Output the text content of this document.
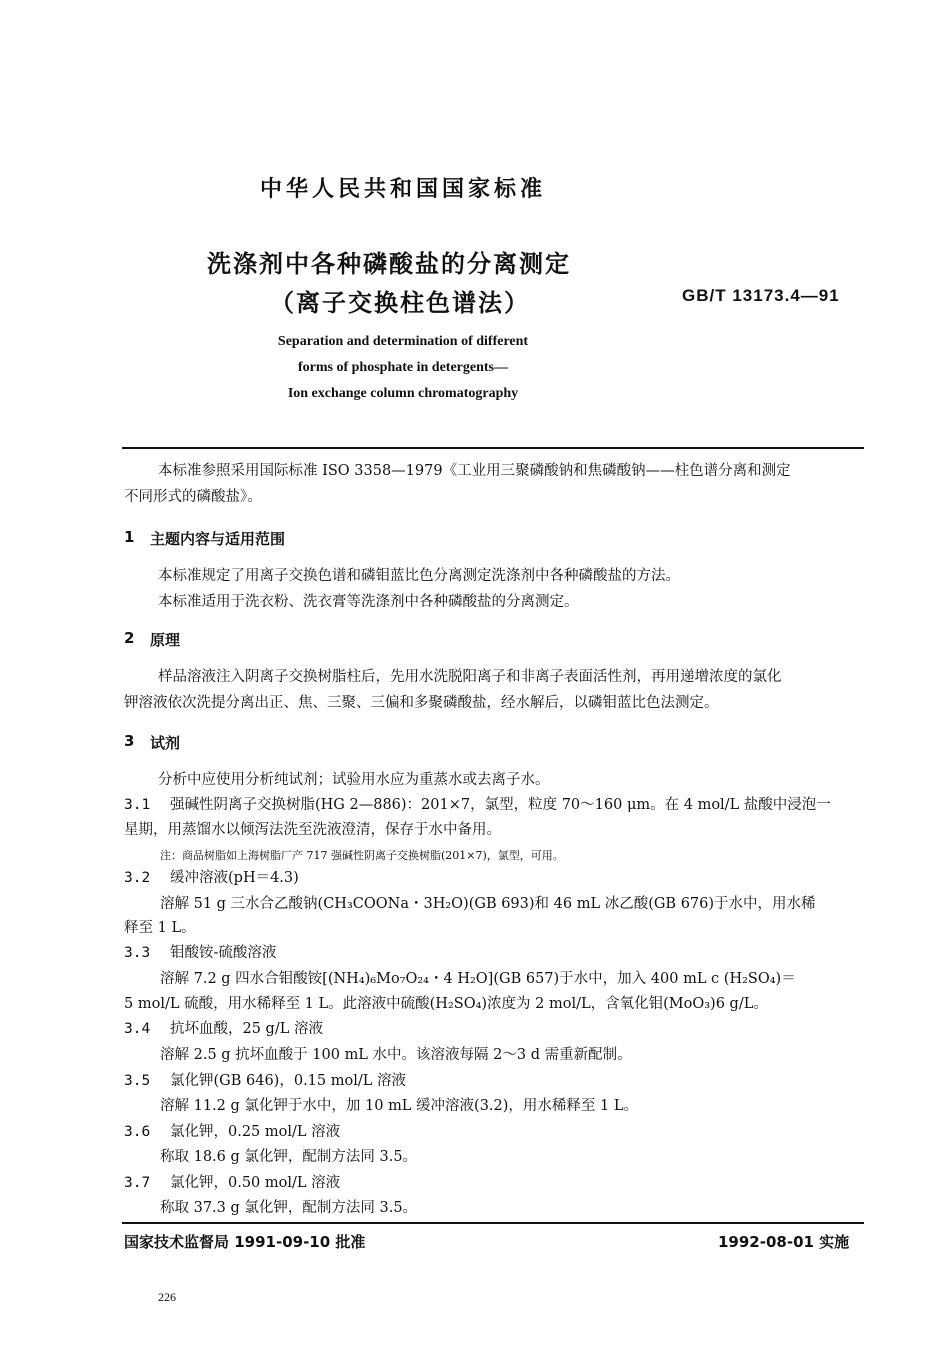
中华人民共和国国家标准
洗涤剂中各种磷酸盐的分离测定
（离子交换柱色谱法）	GB/T 13173.4—91
Separation and determination of different
forms of phosphate in detergents—
Ion exchange column chromatography
本标准参照采用国际标准 ISO 3358—1979《工业用三聚磷酸钠和焦磷酸钠——柱色谱分离和测定
不同形式的磷酸盐》。
1 主题内容与适用范围
本标准规定了用离子交换色谱和磷钼蓝比色分离测定洗涤剂中各种磷酸盐的方法。
本标准适用于洗衣粉、洗衣膏等洗涤剂中各种磷酸盐的分离测定。
2 原理
样品溶液注入阴离子交换树脂柱后，先用水洗脱阳离子和非离子表面活性剂，再用递增浓度的氯化
钾溶液依次洗提分离出正、焦、三聚、三偏和多聚磷酸盐，经水解后，以磷钼蓝比色法测定。
3 试剂
分析中应使用分析纯试剂；试验用水应为重蒸水或去离子水。
3.1 强碱性阴离子交换树脂(HG 2—886)：201×7，氯型，粒度 70～160 μm。在 4 mol/L 盐酸中浸泡一
星期，用蒸馏水以倾泻法洗至洗液澄清，保存于水中备用。
注：商品树脂如上海树脂厂产 717 强碱性阴离子交换树脂(201×7)，氯型，可用。
3.2 缓冲溶液(pH＝4.3)
溶解 51 g 三水合乙酸钠(CH₃COONa・3H₂O)(GB 693)和 46 mL 冰乙酸(GB 676)于水中，用水稀
释至 1 L。
3.3 钼酸铵-硫酸溶液
溶解 7.2 g 四水合钼酸铵[(NH₄)₆Mo₇O₂₄・4 H₂O](GB 657)于水中，加入 400 mL c (H₂SO₄)＝
5 mol/L 硫酸，用水稀释至 1 L。此溶液中硫酸(H₂SO₄)浓度为 2 mol/L，含氧化钼(MoO₃)6 g/L。
3.4 抗坏血酸，25 g/L 溶液
溶解 2.5 g 抗坏血酸于 100 mL 水中。该溶液每隔 2～3 d 需重新配制。
3.5 氯化钾(GB 646)，0.15 mol/L 溶液
溶解 11.2 g 氯化钾于水中，加 10 mL 缓冲溶液(3.2)，用水稀释至 1 L。
3.6 氯化钾，0.25 mol/L 溶液
称取 18.6 g 氯化钾，配制方法同 3.5。
3.7 氯化钾，0.50 mol/L 溶液
称取 37.3 g 氯化钾，配制方法同 3.5。
国家技术监督局 1991-09-10 批准	1992-08-01 实施
226
